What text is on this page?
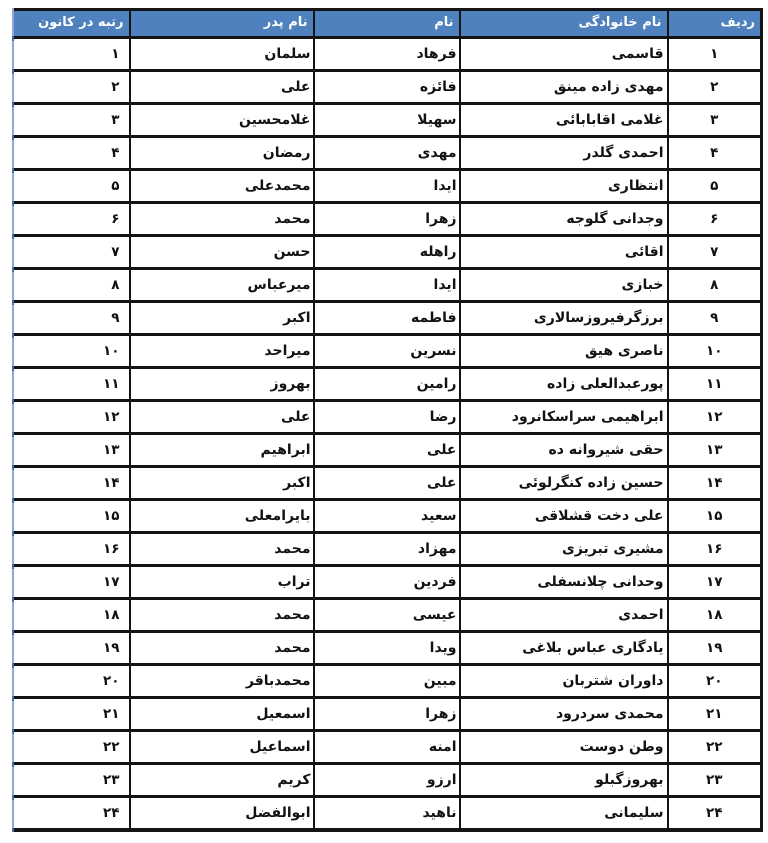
ردیف	نام خانوادگی	نام	نام پدر	رتبه در کانون
۱	قاسمی	فرهاد	سلمان	۱
۲	مهدی زاده مینق	فائزه	علی	۲
۳	غلامی اقابابائی	سهیلا	غلامحسین	۳
۴	احمدی گلدر	مهدی	رمضان	۴
۵	انتظاری	ایدا	محمدعلی	۵
۶	وجدانی گلوجه	زهرا	محمد	۶
۷	اقائی	راهله	حسن	۷
۸	خبازی	ایدا	میرعباس	۸
۹	برزگرفیروزسالاری	فاطمه	اکبر	۹
۱۰	ناصری هیق	نسرین	میراحد	۱۰
۱۱	پورعبدالعلی زاده	رامین	بهروز	۱۱
۱۲	ابراهیمی سراسکانرود	رضا	علی	۱۲
۱۳	حقی شیروانه ده	علی	ابراهیم	۱۳
۱۴	حسین زاده کنگرلوئی	علی	اکبر	۱۴
۱۵	علی دخت قشلاقی	سعید	بایرامعلی	۱۵
۱۶	مشیری تبریزی	مهزاد	محمد	۱۶
۱۷	وحدانی چلانسفلی	فردین	تراب	۱۷
۱۸	احمدی	عیسی	محمد	۱۸
۱۹	یادگاری عباس بلاغی	ویدا	محمد	۱۹
۲۰	داوران شتربان	مبین	محمدباقر	۲۰
۲۱	محمدی سردرود	زهرا	اسمعیل	۲۱
۲۲	وطن دوست	امنه	اسماعیل	۲۲
۲۳	بهروزگبلو	ارزو	کریم	۲۳
۲۴	سلیمانی	ناهید	ابوالفضل	۲۴
